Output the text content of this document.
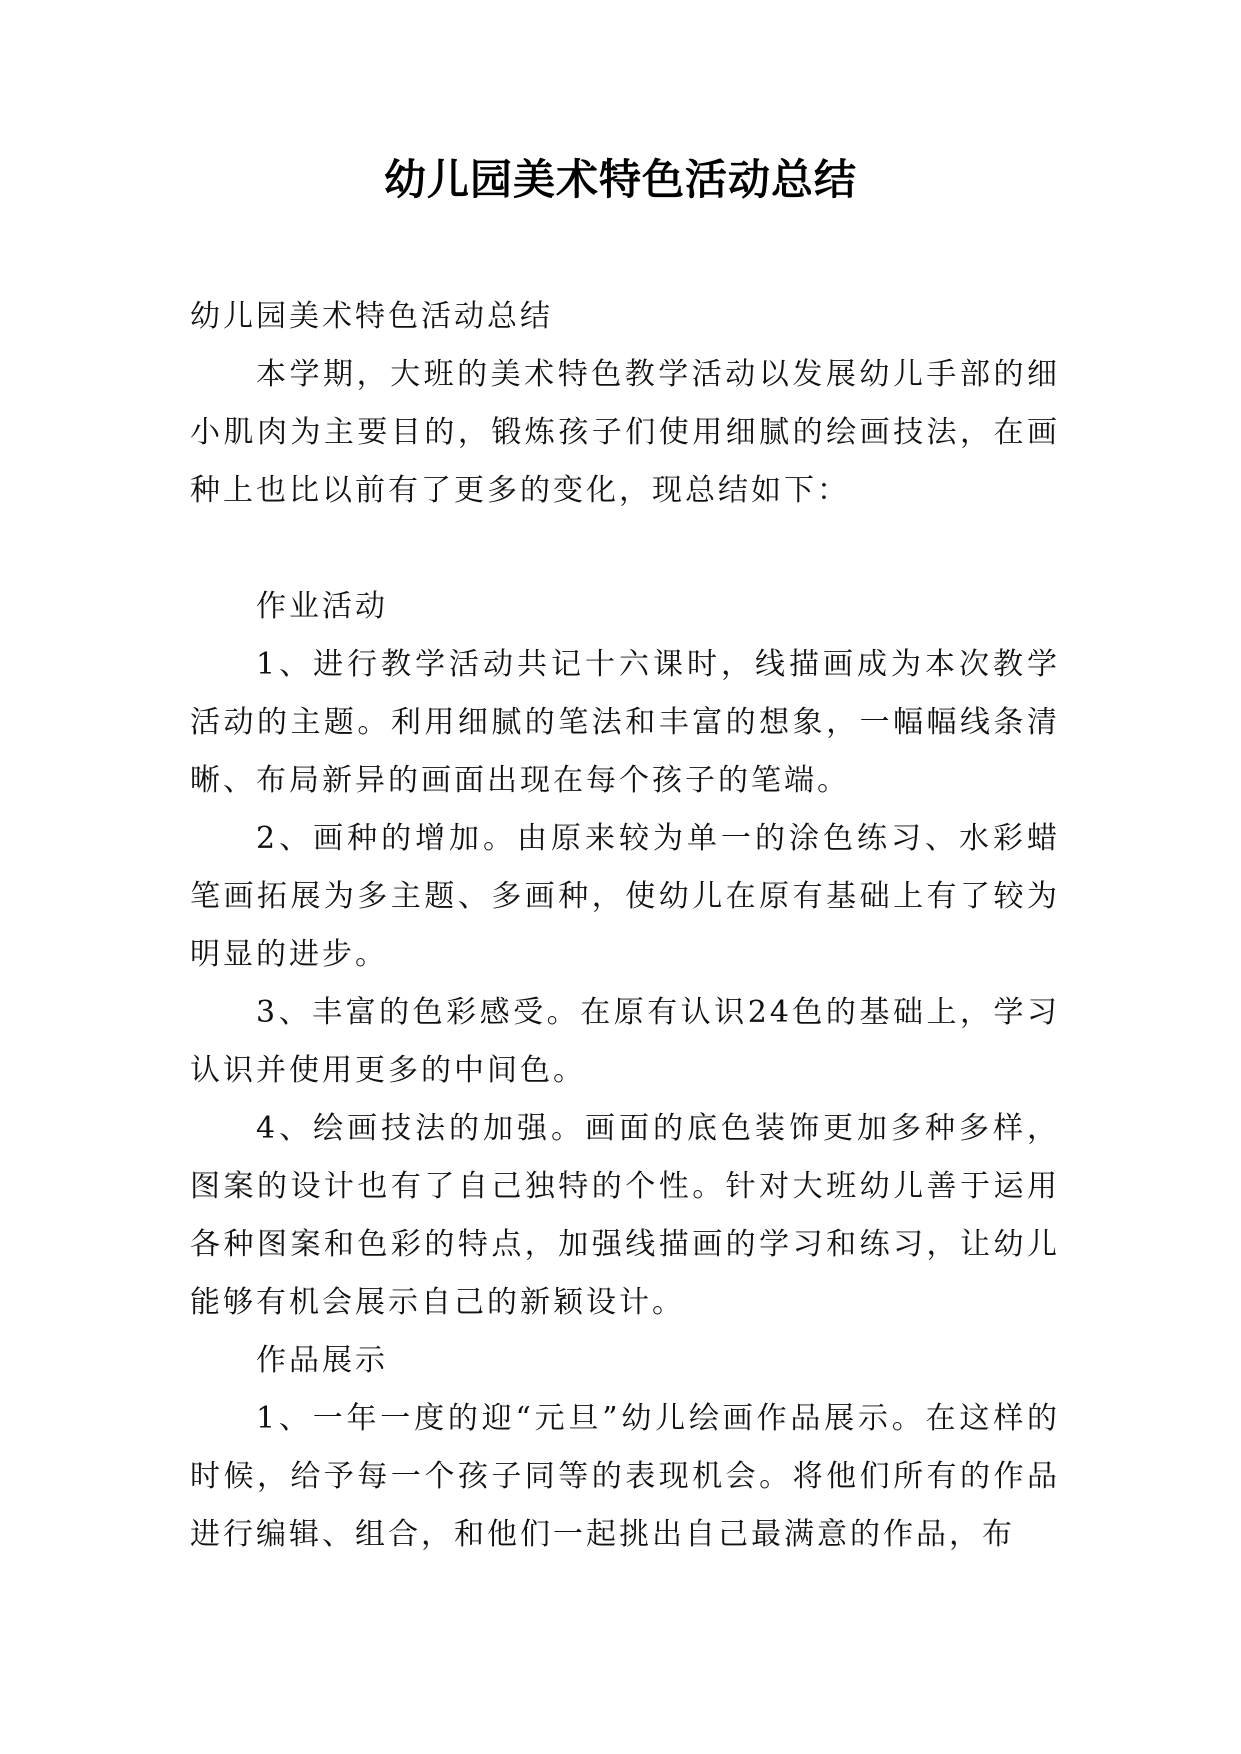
幼儿园美术特色活动总结

幼儿园美术特色活动总结

本学期，大班的美术特色教学活动以发展幼儿手部的细小肌肉为主要目的，锻炼孩子们使用细腻的绘画技法，在画种上也比以前有了更多的变化，现总结如下：

作业活动

1、进行教学活动共记十六课时，线描画成为本次教学活动的主题。利用细腻的笔法和丰富的想象，一幅幅线条清晰、布局新异的画面出现在每个孩子的笔端。

2、画种的增加。由原来较为单一的涂色练习、水彩蜡笔画拓展为多主题、多画种，使幼儿在原有基础上有了较为明显的进步。

3、丰富的色彩感受。在原有认识24色的基础上，学习认识并使用更多的中间色。

4、绘画技法的加强。画面的底色装饰更加多种多样，图案的设计也有了自己独特的个性。针对大班幼儿善于运用各种图案和色彩的特点，加强线描画的学习和练习，让幼儿能够有机会展示自己的新颖设计。

作品展示

1、一年一度的迎“元旦”幼儿绘画作品展示。在这样的时候，给予每一个孩子同等的表现机会。将他们所有的作品进行编辑、组合，和他们一起挑出自己最满意的作品，布
